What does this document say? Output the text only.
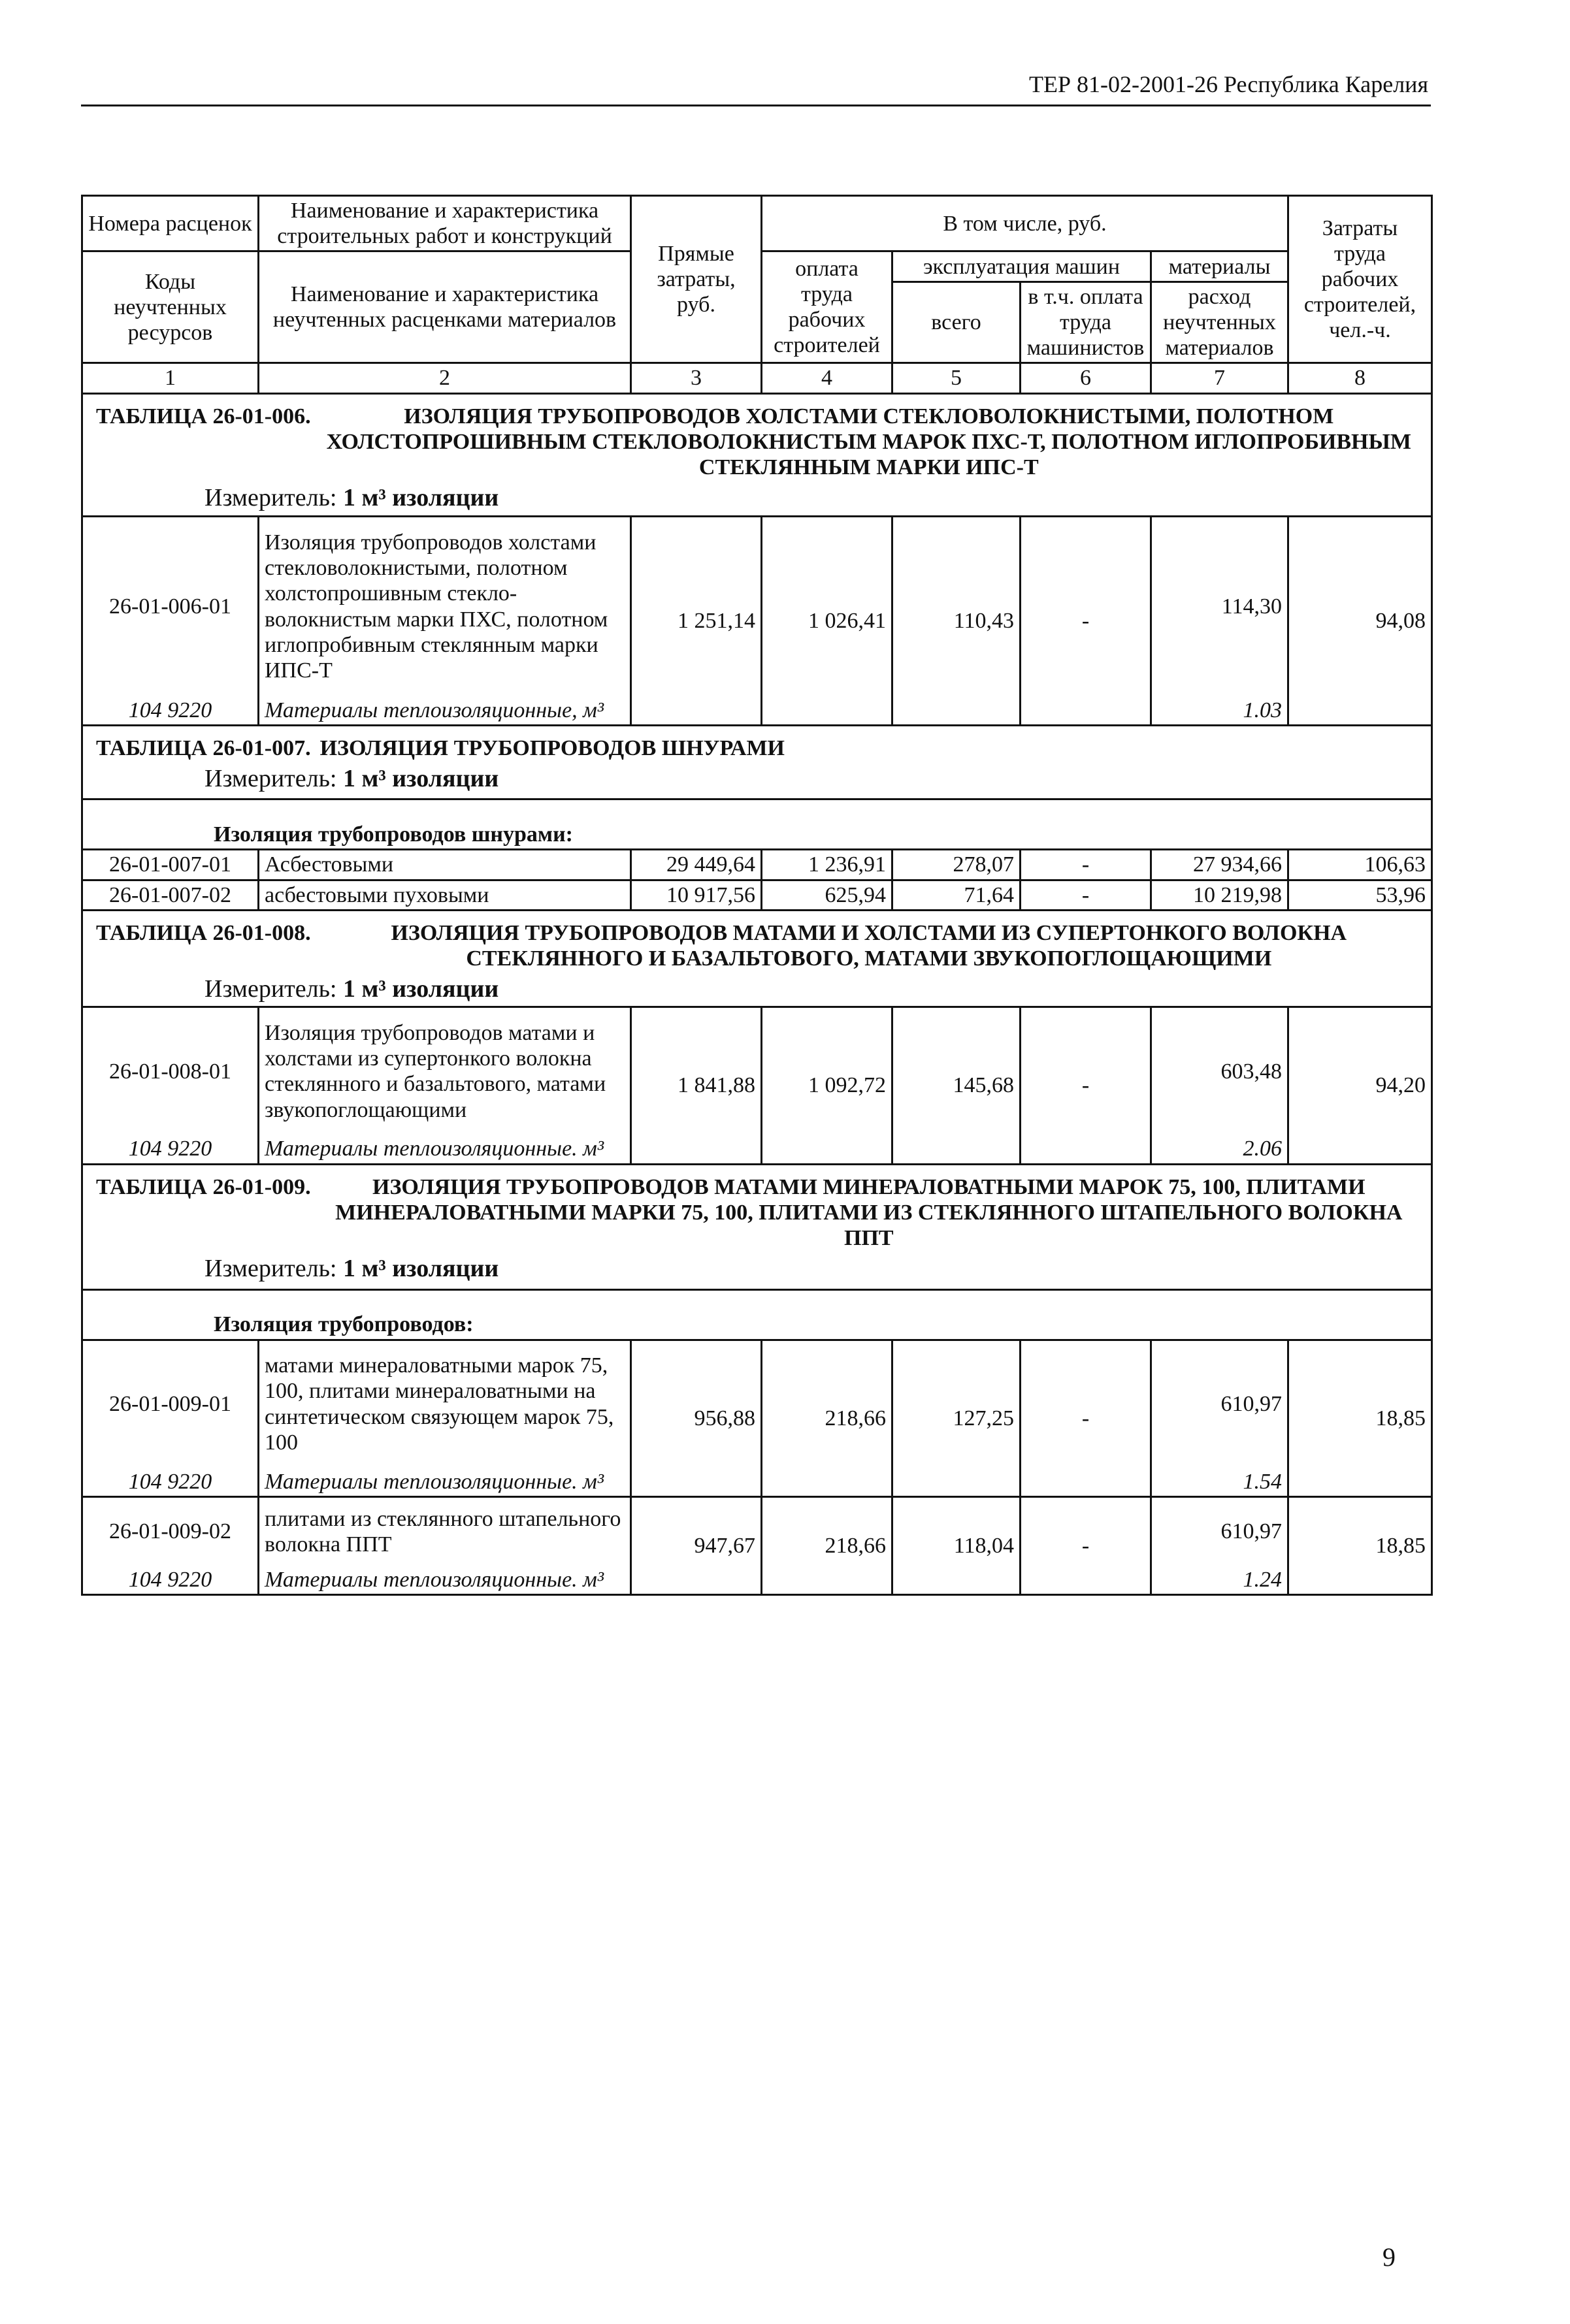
ТЕР 81-02-2001-26 Республика Карелия
Номера расценок	Наименование и характеристика строительных работ и конструкций	Прямые затраты, руб.	В том числе, руб.				Затраты труда рабочих строителей, чел.-ч.
Коды неучтенных ресурсов	Наименование и характеристика неучтенных расценками материалов		оплата труда рабочих строителей	эксплуатация машин		материалы	
				всего	в т.ч. оплата труда машинистов	расход неучтенных материалов	
1	2	3	4	5	6	7	8

ТАБЛИЦА 26-01-006. ИЗОЛЯЦИЯ ТРУБОПРОВОДОВ ХОЛСТАМИ СТЕКЛОВОЛОКНИСТЫМИ, ПОЛОТНОМ ХОЛСТОПРОШИВНЫМ СТЕКЛОВОЛОКНИСТЫМ МАРОК ПХС-Т, ПОЛОТНОМ ИГЛОПРОБИВНЫМ СТЕКЛЯННЫМ МАРКИ ИПС-Т
Измеритель: 1 м³ изоляции							

26-01-006-01	Изоляция трубопроводов холстами стекловолокнистыми, полотном холстопрошивным стекло- волокнистым марки ПХС, полотном иглопробивным стеклянным марки ИПС-Т	1 251,14	1 026,41	110,43	-	114,30	94,08
104 9220	Материалы теплоизоляционные, м³					1.03	

ТАБЛИЦА 26-01-007. ИЗОЛЯЦИЯ ТРУБОПРОВОДОВ ШНУРАМИ
Измеритель: 1 м³ изоляции							

Изоляция трубопроводов шнурами:							
26-01-007-01	Асбестовыми	29 449,64	1 236,91	278,07	-	27 934,66	106,63
26-01-007-02	асбестовыми пуховыми	10 917,56	625,94	71,64	-	10 219,98	53,96

ТАБЛИЦА 26-01-008. ИЗОЛЯЦИЯ ТРУБОПРОВОДОВ МАТАМИ И ХОЛСТАМИ ИЗ СУПЕРТОНКОГО ВОЛОКНА СТЕКЛЯННОГО И БАЗАЛЬТОВОГО, МАТАМИ ЗВУКОПОГЛОЩАЮЩИМИ
Измеритель: 1 м³ изоляции							

26-01-008-01	Изоляция трубопроводов матами и холстами из супертонкого волокна стеклянного и базальтового, матами звукопоглощающими	1 841,88	1 092,72	145,68	-	603,48	94,20
104 9220	Материалы теплоизоляционные. м³					2.06	

ТАБЛИЦА 26-01-009. ИЗОЛЯЦИЯ ТРУБОПРОВОДОВ МАТАМИ МИНЕРАЛОВАТНЫМИ МАРОК 75, 100, ПЛИТАМИ МИНЕРАЛОВАТНЫМИ МАРКИ 75, 100, ПЛИТАМИ ИЗ СТЕКЛЯННОГО ШТАПЕЛЬНОГО ВОЛОКНА ППТ
Измеритель: 1 м³ изоляции							

Изоляция трубопроводов:							
26-01-009-01	матами минераловатными марок 75, 100, плитами минераловатными на синтетическом связующем марок 75, 100	956,88	218,66	127,25	-	610,97	18,85
104 9220	Материалы теплоизоляционные. м³					1.54	
26-01-009-02	плитами из стеклянного штапельного волокна ППТ	947,67	218,66	118,04	-	610,97	18,85
104 9220	Материалы теплоизоляционные. м³					1.24	
9
